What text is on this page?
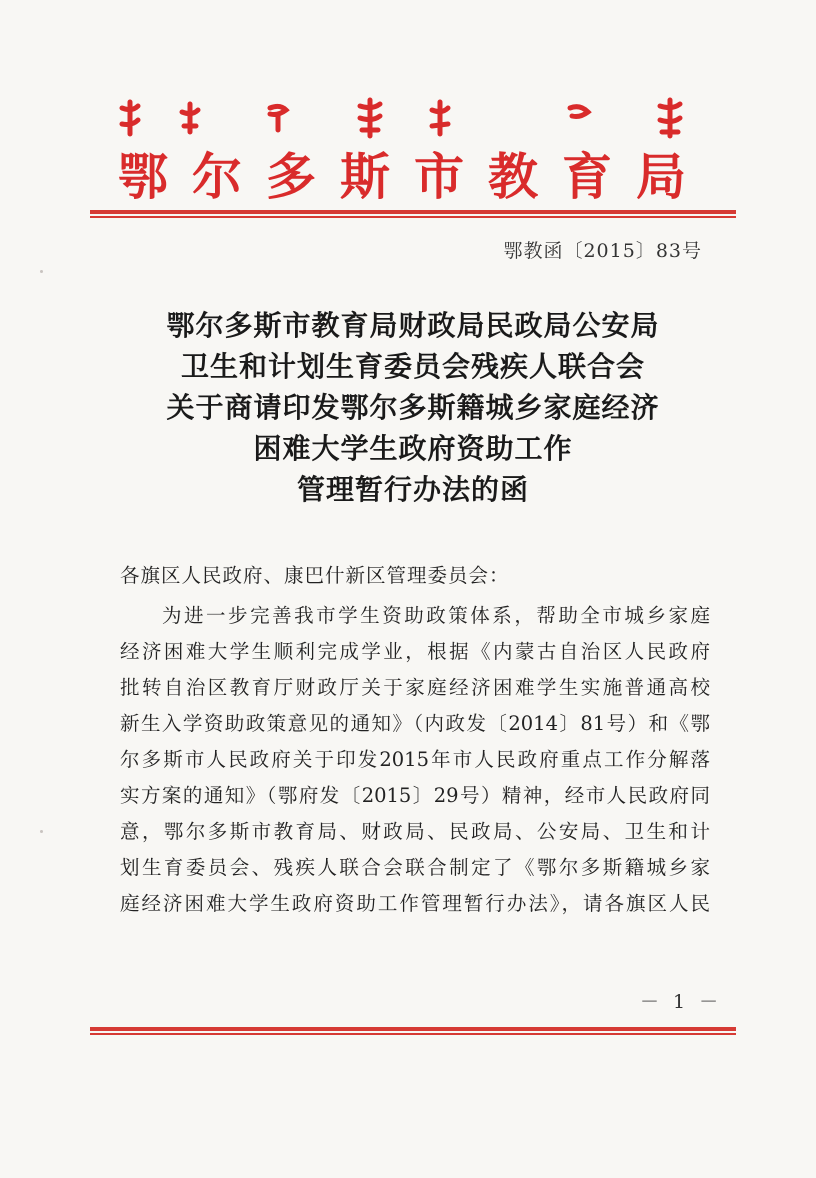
鄂尔多斯市教育局
鄂教函〔2015〕83号
鄂尔多斯市教育局财政局民政局公安局
卫生和计划生育委员会残疾人联合会
关于商请印发鄂尔多斯籍城乡家庭经济
困难大学生政府资助工作
管理暂行办法的函
各旗区人民政府、康巴什新区管理委员会：
为进一步完善我市学生资助政策体系，帮助全市城乡家庭
经济困难大学生顺利完成学业，根据《内蒙古自治区人民政府
批转自治区教育厅财政厅关于家庭经济困难学生实施普通高校
新生入学资助政策意见的通知》（内政发〔2014〕81号）和《鄂
尔多斯市人民政府关于印发2015年市人民政府重点工作分解落
实方案的通知》（鄂府发〔2015〕29号）精神，经市人民政府同
意，鄂尔多斯市教育局、财政局、民政局、公安局、卫生和计
划生育委员会、残疾人联合会联合制定了《鄂尔多斯籍城乡家
庭经济困难大学生政府资助工作管理暂行办法》，请各旗区人民
－ 1 －
